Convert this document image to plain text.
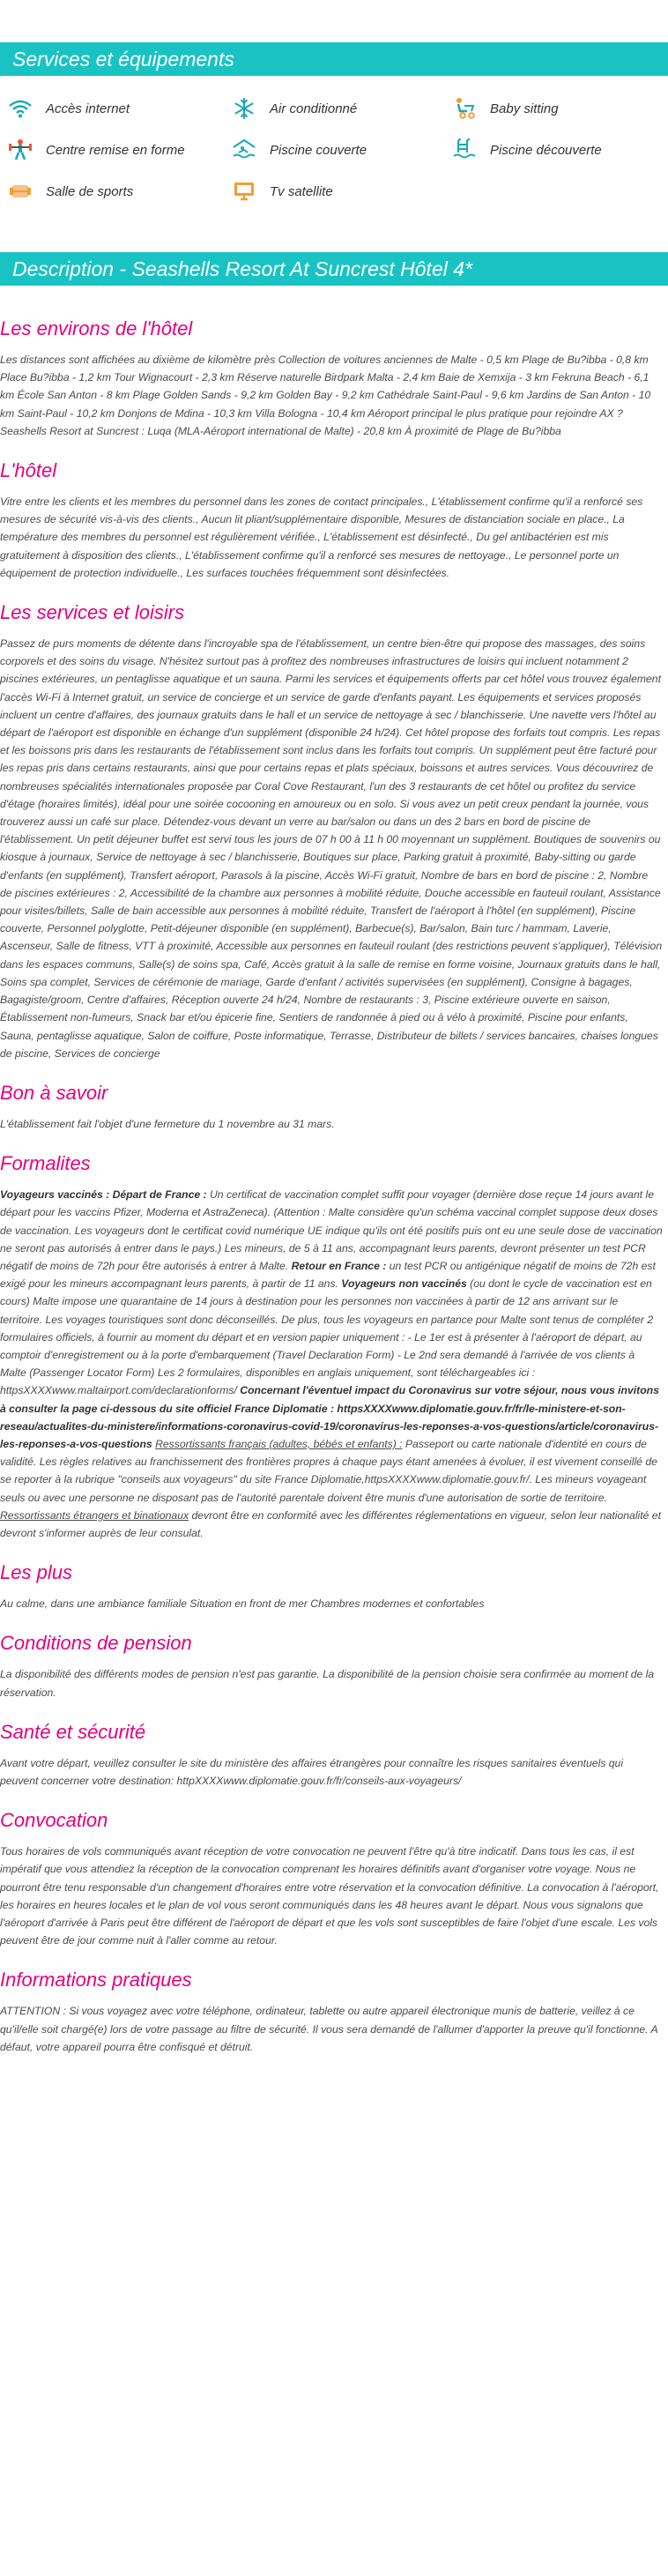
Services et équipements
Accès internet	Air conditionné	Baby sitting
Centre remise en forme	Piscine couverte	Piscine découverte
Salle de sports	Tv satellite
Description - Seashells Resort At Suncrest Hôtel 4*
Les environs de l'hôtel

Les distances sont affichées au dixième de kilomètre près Collection de voitures anciennes de Malte - 0,5 km Plage de Bu?ibba - 0,8 km Place Bu?ibba - 1,2 km Tour Wignacourt - 2,3 km Réserve naturelle Birdpark Malta - 2,4 km Baie de Xemxija - 3 km Fekruna Beach - 6,1 km École San Anton - 8 km Plage Golden Sands - 9,2 km Golden Bay - 9,2 km Cathédrale Saint-Paul - 9,6 km Jardins de San Anton - 10 km Saint-Paul - 10,2 km Donjons de Mdina - 10,3 km Villa Bologna - 10,4 km Aéroport principal le plus pratique pour rejoindre AX ? Seashells Resort at Suncrest : Luqa (MLA-Aéroport international de Malte) - 20,8 km À proximité de Plage de Bu?ibba

L'hôtel

Vitre entre les clients et les membres du personnel dans les zones de contact principales., L'établissement confirme qu'il a renforcé ses mesures de sécurité vis-à-vis des clients., Aucun lit pliant/supplémentaire disponible, Mesures de distanciation sociale en place., La température des membres du personnel est régulièrement vérifiée., L'établissement est désinfecté., Du gel antibactérien est mis gratuitement à disposition des clients., L'établissement confirme qu'il a renforcé ses mesures de nettoyage., Le personnel porte un équipement de protection individuelle., Les surfaces touchées fréquemment sont désinfectées.

Les services et loisirs

Passez de purs moments de détente dans l'incroyable spa de l'établissement, un centre bien-être qui propose des massages, des soins corporels et des soins du visage. N'hésitez surtout pas à profitez des nombreuses infrastructures de loisirs qui incluent notamment 2 piscines extérieures, un pentaglisse aquatique et un sauna. Parmi les services et équipements offerts par cet hôtel vous trouvez également l'accès Wi-Fi à Internet gratuit, un service de concierge et un service de garde d'enfants payant. Les équipements et services proposés incluent un centre d'affaires, des journaux gratuits dans le hall et un service de nettoyage à sec / blanchisserie. Une navette vers l'hôtel au départ de l'aéroport est disponible en échange d'un supplément (disponible 24 h/24). Cet hôtel propose des forfaits tout compris. Les repas et les boissons pris dans les restaurants de l'établissement sont inclus dans les forfaits tout compris. Un supplément peut être facturé pour les repas pris dans certains restaurants, ainsi que pour certains repas et plats spéciaux, boissons et autres services. Vous découvrirez de nombreuses spécialités internationales proposée par Coral Cove Restaurant, l'un des 3 restaurants de cet hôtel ou profitez du service d'étage (horaires limités), idéal pour une soirée cocooning en amoureux ou en solo. Si vous avez un petit creux pendant la journée, vous trouverez aussi un café sur place. Détendez-vous devant un verre au bar/salon ou dans un des 2 bars en bord de piscine de l'établissement. Un petit déjeuner buffet est servi tous les jours de 07 h 00 à 11 h 00 moyennant un supplément. Boutiques de souvenirs ou kiosque à journaux, Service de nettoyage à sec / blanchisserie, Boutiques sur place, Parking gratuit à proximité, Baby-sitting ou garde d'enfants (en supplément), Transfert aéroport, Parasols à la piscine, Accès Wi-Fi gratuit, Nombre de bars en bord de piscine : 2, Nombre de piscines extérieures : 2, Accessibilité de la chambre aux personnes à mobilité réduite, Douche accessible en fauteuil roulant, Assistance pour visites/billets, Salle de bain accessible aux personnes à mobilité réduite, Transfert de l'aéroport à l'hôtel (en supplément), Piscine couverte, Personnel polyglotte, Petit-déjeuner disponible (en supplément), Barbecue(s), Bar/salon, Bain turc / hammam, Laverie, Ascenseur, Salle de fitness, VTT à proximité, Accessible aux personnes en fauteuil roulant (des restrictions peuvent s'appliquer), Télévision dans les espaces communs, Salle(s) de soins spa, Café, Accès gratuit à la salle de remise en forme voisine, Journaux gratuits dans le hall, Soins spa complet, Services de cérémonie de mariage, Garde d'enfant / activités supervisées (en supplément), Consigne à bagages, Bagagiste/groom, Centre d'affaires, Réception ouverte 24 h/24, Nombre de restaurants : 3, Piscine extérieure ouverte en saison, Établissement non-fumeurs, Snack bar et/ou épicerie fine, Sentiers de randonnée à pied ou à vélo à proximité, Piscine pour enfants, Sauna, pentaglisse aquatique, Salon de coiffure, Poste informatique, Terrasse, Distributeur de billets / services bancaires, chaises longues de piscine, Services de concierge

Bon à savoir

L'établissement fait l'objet d'une fermeture du 1 novembre au 31 mars.

Formalites

Voyageurs vaccinés : Départ de France : Un certificat de vaccination complet suffit pour voyager (dernière dose reçue 14 jours avant le départ pour les vaccins Pfizer, Moderna et AstraZeneca). (Attention : Malte considère qu'un schéma vaccinal complet suppose deux doses de vaccination. Les voyageurs dont le certificat covid numérique UE indique qu'ils ont été positifs puis ont eu une seule dose de vaccination ne seront pas autorisés à entrer dans le pays.) Les mineurs, de 5 à 11 ans, accompagnant leurs parents, devront présenter un test PCR négatif de moins de 72h pour être autorisés à entrer à Malte. Retour en France : un test PCR ou antigénique négatif de moins de 72h est exigé pour les mineurs accompagnant leurs parents, à partir de 11 ans. Voyageurs non vaccinés (ou dont le cycle de vaccination est en cours) Malte impose une quarantaine de 14 jours à destination pour les personnes non vaccinées à partir de 12 ans arrivant sur le territoire. Les voyages touristiques sont donc déconseillés. De plus, tous les voyageurs en partance pour Malte sont tenus de compléter 2 formulaires officiels, à fournir au moment du départ et en version papier uniquement : - Le 1er est à présenter à l'aéroport de départ, au comptoir d'enregistrement ou à la porte d'embarquement (Travel Declaration Form) - Le 2nd sera demandé à l'arrivée de vos clients à Malte (Passenger Locator Form) Les 2 formulaires, disponibles en anglais uniquement, sont téléchargeables ici : httpsXXXXwww.maltairport.com/declarationforms/ Concernant l'éventuel impact du Coronavirus sur votre séjour, nous vous invitons à consulter la page ci-dessous du site officiel France Diplomatie : httpsXXXXwww.diplomatie.gouv.fr/fr/le-ministere-et-son-reseau/actualites-du-ministere/informations-coronavirus-covid-19/coronavirus-les-reponses-a-vos-questions/article/coronavirus-les-reponses-a-vos-questions Ressortissants français (adultes, bébés et enfants) : Passeport ou carte nationale d'identité en cours de validité. Les règles relatives au franchissement des frontières propres à chaque pays étant amenées à évoluer, il est vivement conseillé de se reporter à la rubrique "conseils aux voyageurs" du site France Diplomatie,httpsXXXXwww.diplomatie.gouv.fr/. Les mineurs voyageant seuls ou avec une personne ne disposant pas de l'autorité parentale doivent être munis d'une autorisation de sortie de territoire. Ressortissants étrangers et binationaux devront être en conformité avec les différentes réglementations en vigueur, selon leur nationalité et devront s'informer auprès de leur consulat.

Les plus

Au calme, dans une ambiance familiale Situation en front de mer Chambres modernes et confortables

Conditions de pension

La disponibilité des différents modes de pension n'est pas garantie. La disponibilité de la pension choisie sera confirmée au moment de la réservation.

Santé et sécurité

Avant votre départ, veuillez consulter le site du ministère des affaires étrangères pour connaître les risques sanitaires éventuels qui peuvent concerner votre destination: httpXXXXwww.diplomatie.gouv.fr/fr/conseils-aux-voyageurs/

Convocation

Tous horaires de vols communiqués avant réception de votre convocation ne peuvent l'être qu'à titre indicatif. Dans tous les cas, il est impératif que vous attendiez la réception de la convocation comprenant les horaires définitifs avant d'organiser votre voyage. Nous ne pourront être tenu responsable d'un changement d'horaires entre votre réservation et la convocation définitive. La convocation à l'aéroport, les horaires en heures locales et le plan de vol vous seront communiqués dans les 48 heures avant le départ. Nous vous signalons que l'aéroport d'arrivée à Paris peut être différent de l'aéroport de départ et que les vols sont susceptibles de faire l'objet d'une escale. Les vols peuvent être de jour comme nuit à l'aller comme au retour.

Informations pratiques

ATTENTION : Si vous voyagez avec votre téléphone, ordinateur, tablette ou autre appareil électronique munis de batterie, veillez à ce qu'il/elle soit chargé(e) lors de votre passage au filtre de sécurité. Il vous sera demandé de l'allumer d'apporter la preuve qu'il fonctionne. A défaut, votre appareil pourra être confisqué et détruit.
